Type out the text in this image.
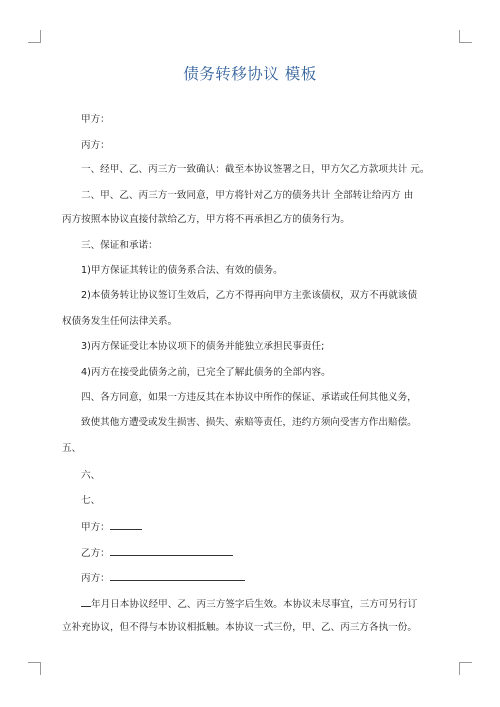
债务转移协议 模板
甲方：
丙方：
一、经甲、乙、丙三方一致确认：截至本协议签署之日，甲方欠乙方款项共计 元。
二、甲、乙、丙三方一致同意，甲方将针对乙方的债务共计 全部转让给丙方 由
丙方按照本协议直接付款给乙方，甲方将不再承担乙方的债务行为。
三、保证和承诺：
1)甲方保证其转让的债务系合法、有效的债务。
2)本债务转让协议签订生效后，乙方不得再向甲方主张该债权，双方不再就该债
权债务发生任何法律关系。
3)丙方保证受让本协议项下的债务并能独立承担民事责任;
4)丙方在接受此债务之前，已完全了解此债务的全部内容。
四、各方同意，如果一方违反其在本协议中所作的保证、承诺或任何其他义务，
致使其他方遭受或发生损害、损失、索赔等责任，违约方须向受害方作出赔偿。
五、
六、
七、
甲方：
乙方：
丙方：
年月日本协议经甲、乙、丙三方签字后生效。本协议未尽事宜，三方可另行订
立补充协议，但不得与本协议相抵触。本协议一式三份，甲、乙、丙三方各执一份。
